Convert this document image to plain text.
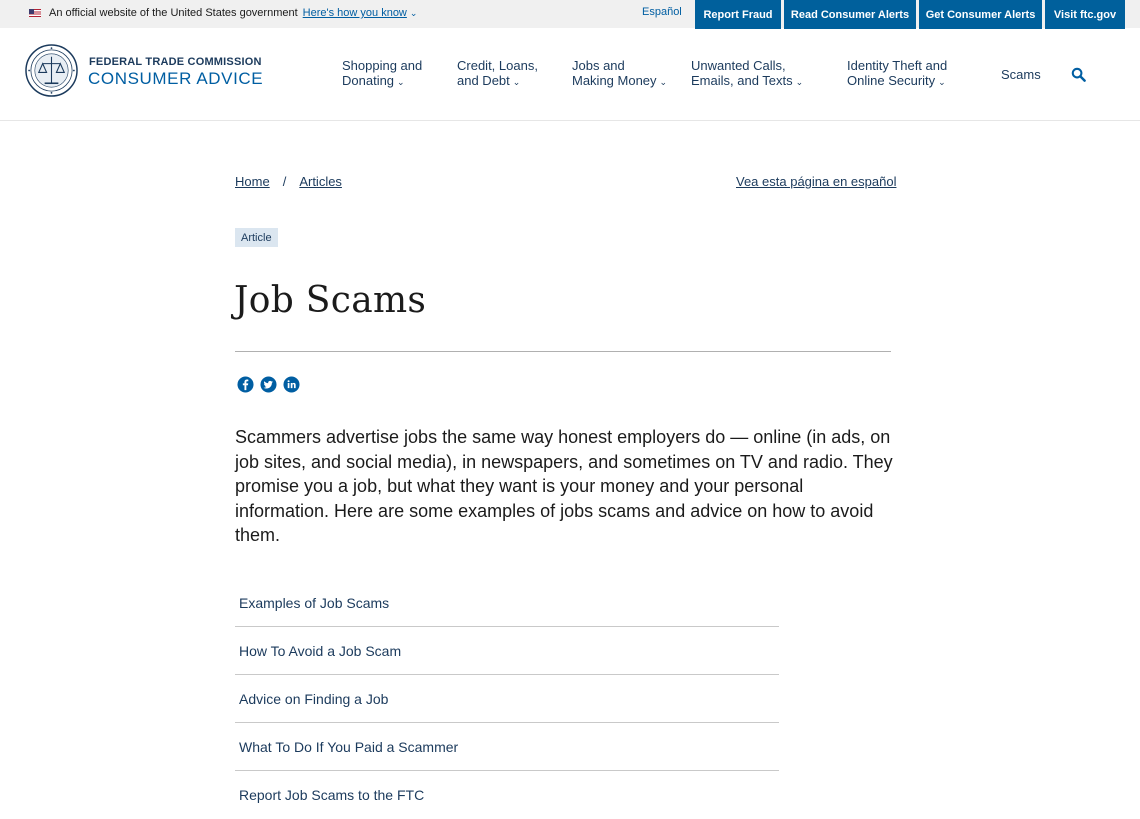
An official website of the United States government Here's how you know ⌄	Español	Report Fraud	Read Consumer Alerts	Get Consumer Alerts	Visit ftc.gov
FEDERAL TRADE COMMISSION
CONSUMER ADVICE
Shopping and
Donating ⌄
Credit, Loans,
and Debt ⌄
Jobs and
Making Money ⌄
Unwanted Calls,
Emails, and Texts ⌄
Identity Theft and
Online Security ⌄	Scams
Home / Articles	Vea esta página en español
Article
Job Scams

Scammers advertise jobs the same way honest employers do — online (in ads, on job sites, and social media), in newspapers, and sometimes on TV and radio. They promise you a job, but what they want is your money and your personal information. Here are some examples of jobs scams and advice on how to avoid them.

Examples of Job Scams
How To Avoid a Job Scam
Advice on Finding a Job
What To Do If You Paid a Scammer
Report Job Scams to the FTC
